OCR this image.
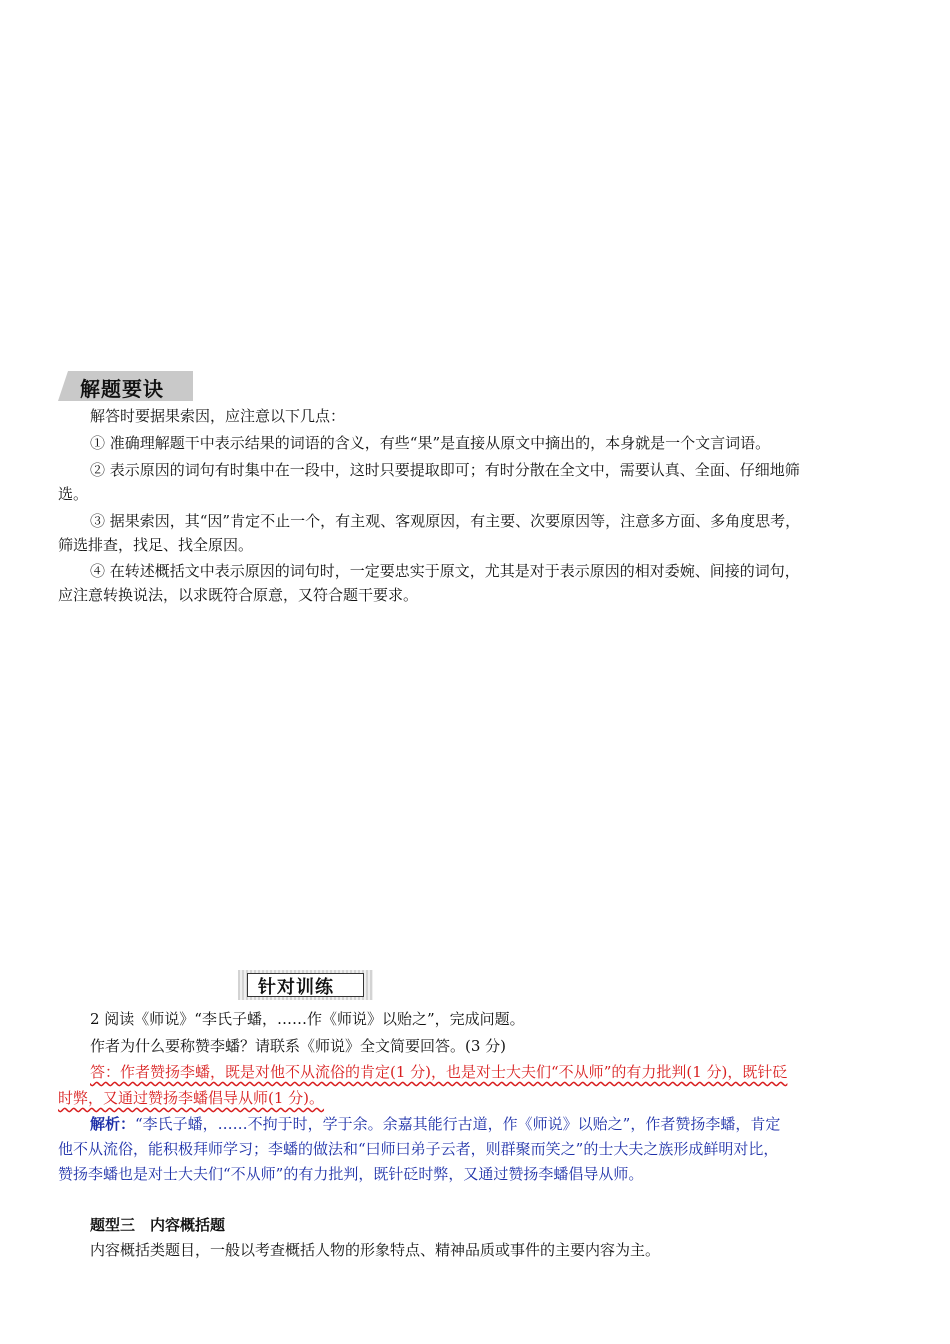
解题要诀
解答时要据果索因，应注意以下几点：
① 准确理解题干中表示结果的词语的含义，有些“果”是直接从原文中摘出的，本身就是一个文言词语。
② 表示原因的词句有时集中在一段中，这时只要提取即可；有时分散在全文中，需要认真、全面、仔细地筛
选。
③ 据果索因，其“因”肯定不止一个，有主观、客观原因，有主要、次要原因等，注意多方面、多角度思考，
筛选排查，找足、找全原因。
④ 在转述概括文中表示原因的词句时，一定要忠实于原文，尤其是对于表示原因的相对委婉、间接的词句，
应注意转换说法，以求既符合原意，又符合题干要求。
针对训练
2 阅读《师说》“李氏子蟠，……作《师说》以贻之”，完成问题。
作者为什么要称赞李蟠？请联系《师说》全文简要回答。(3 分)
答：作者赞扬李蟠，既是对他不从流俗的肯定(1 分)，也是对士大夫们“不从师”的有力批判(1 分)，既针砭
时弊，又通过赞扬李蟠倡导从师(1 分)。
解析：“李氏子蟠，……不拘于时，学于余。余嘉其能行古道，作《师说》以贻之”，作者赞扬李蟠，肯定
他不从流俗，能积极拜师学习；李蟠的做法和“曰师曰弟子云者，则群聚而笑之”的士大夫之族形成鲜明对比，
赞扬李蟠也是对士大夫们“不从师”的有力批判，既针砭时弊，又通过赞扬李蟠倡导从师。
题型三　内容概括题
内容概括类题目，一般以考查概括人物的形象特点、精神品质或事件的主要内容为主。
